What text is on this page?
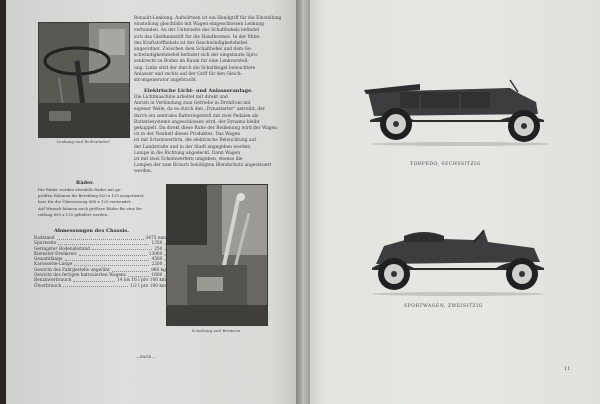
Lenkung und Bedienhebel

Renault-Lenkung. Aufwärtsen ist ein Handgriff für die Einstellung

einstellung gleichfalls mit Wagen eingeschlossen Lenkung

verbunden. An der Unterseite des Schalthebels befindet

sich das Gleitkennstift für die Handbremse. In der Mitte

des Kraftstoffhebels ist der Geschwindigkeitshebel

angeordnet. Zwischen dem Schalthebel und dem Ge-

schwindigkeitshebel befindet sich der eingebaute Spru-

senkrecht zu Boden im Raum fur eine Lenkverstell-

ung. Links sitzt der durch die Schaltkugel beleuchtete

Anlasser und rechts auf der Griff für den Gleich-

stromgenerator angebracht.

Elektrische Licht- und Anlasseranlage.

Die Lichtmaschine arbeitet mit direkt und

Anrieb in Verbindung zum Getriebe in Drehfrom mit

eigener Welle, da es durch den „Dynastarter" antreibt, der

durch ein zentrales Batteriegestell mit zwei Pedalen als

Batteriesysteme angeschlossen wird, der Dynamo bleibt

gekuppelt. Da direkt diese Ruhe der Bedienung wird der Wagen

ist in der Neuheit dieses Produktes. Das Wagen

ist mit Scheinwerfern, die elektrische Beleuchtung auf

der Landstraße und in der Stadt angegeben werden,

Lampe in die Richtung abgedeckt. Dann Wagen

ist mit zwei Scheinwerfern umgeben, ebenso die

Lampen der zum Brauch benötigten Blendschutz angesteuert

werden.

Räder.

Die Räder werden ebenfalls Räder mit ge-

prüften Rahmen für Bereifung 820 x 120 ausgerüstet,

bzw. für die Übersetzung 880 x 120 verwendet.

Auf Wunsch können auch größere Räder für eine Be-

reifung 895 x 135 geliefert werden.

Abmessungen des Chassis.
Radstand	3475 mm
Spurweite	1350 „
Geringster Bodenabstand	250 „
Kleinster Drehkreis	13000 „
Gesamtlänge	4580 „
Karosserie-Länge	2200 „
Gewicht des Fahrgestells ungefähr	980 kg
Gewicht des fertigen katrosierten Wagens	1600 „
Benzinverbrauch	14 bis 16 l pro 100 km
Ölverbrauch	1/2 l pro 100 km
Schaltung und Bremsen
—PAGE—
TORPEDO, SECHSSITZIG
SPORTWAGEN, ZWEISITZIG
11
